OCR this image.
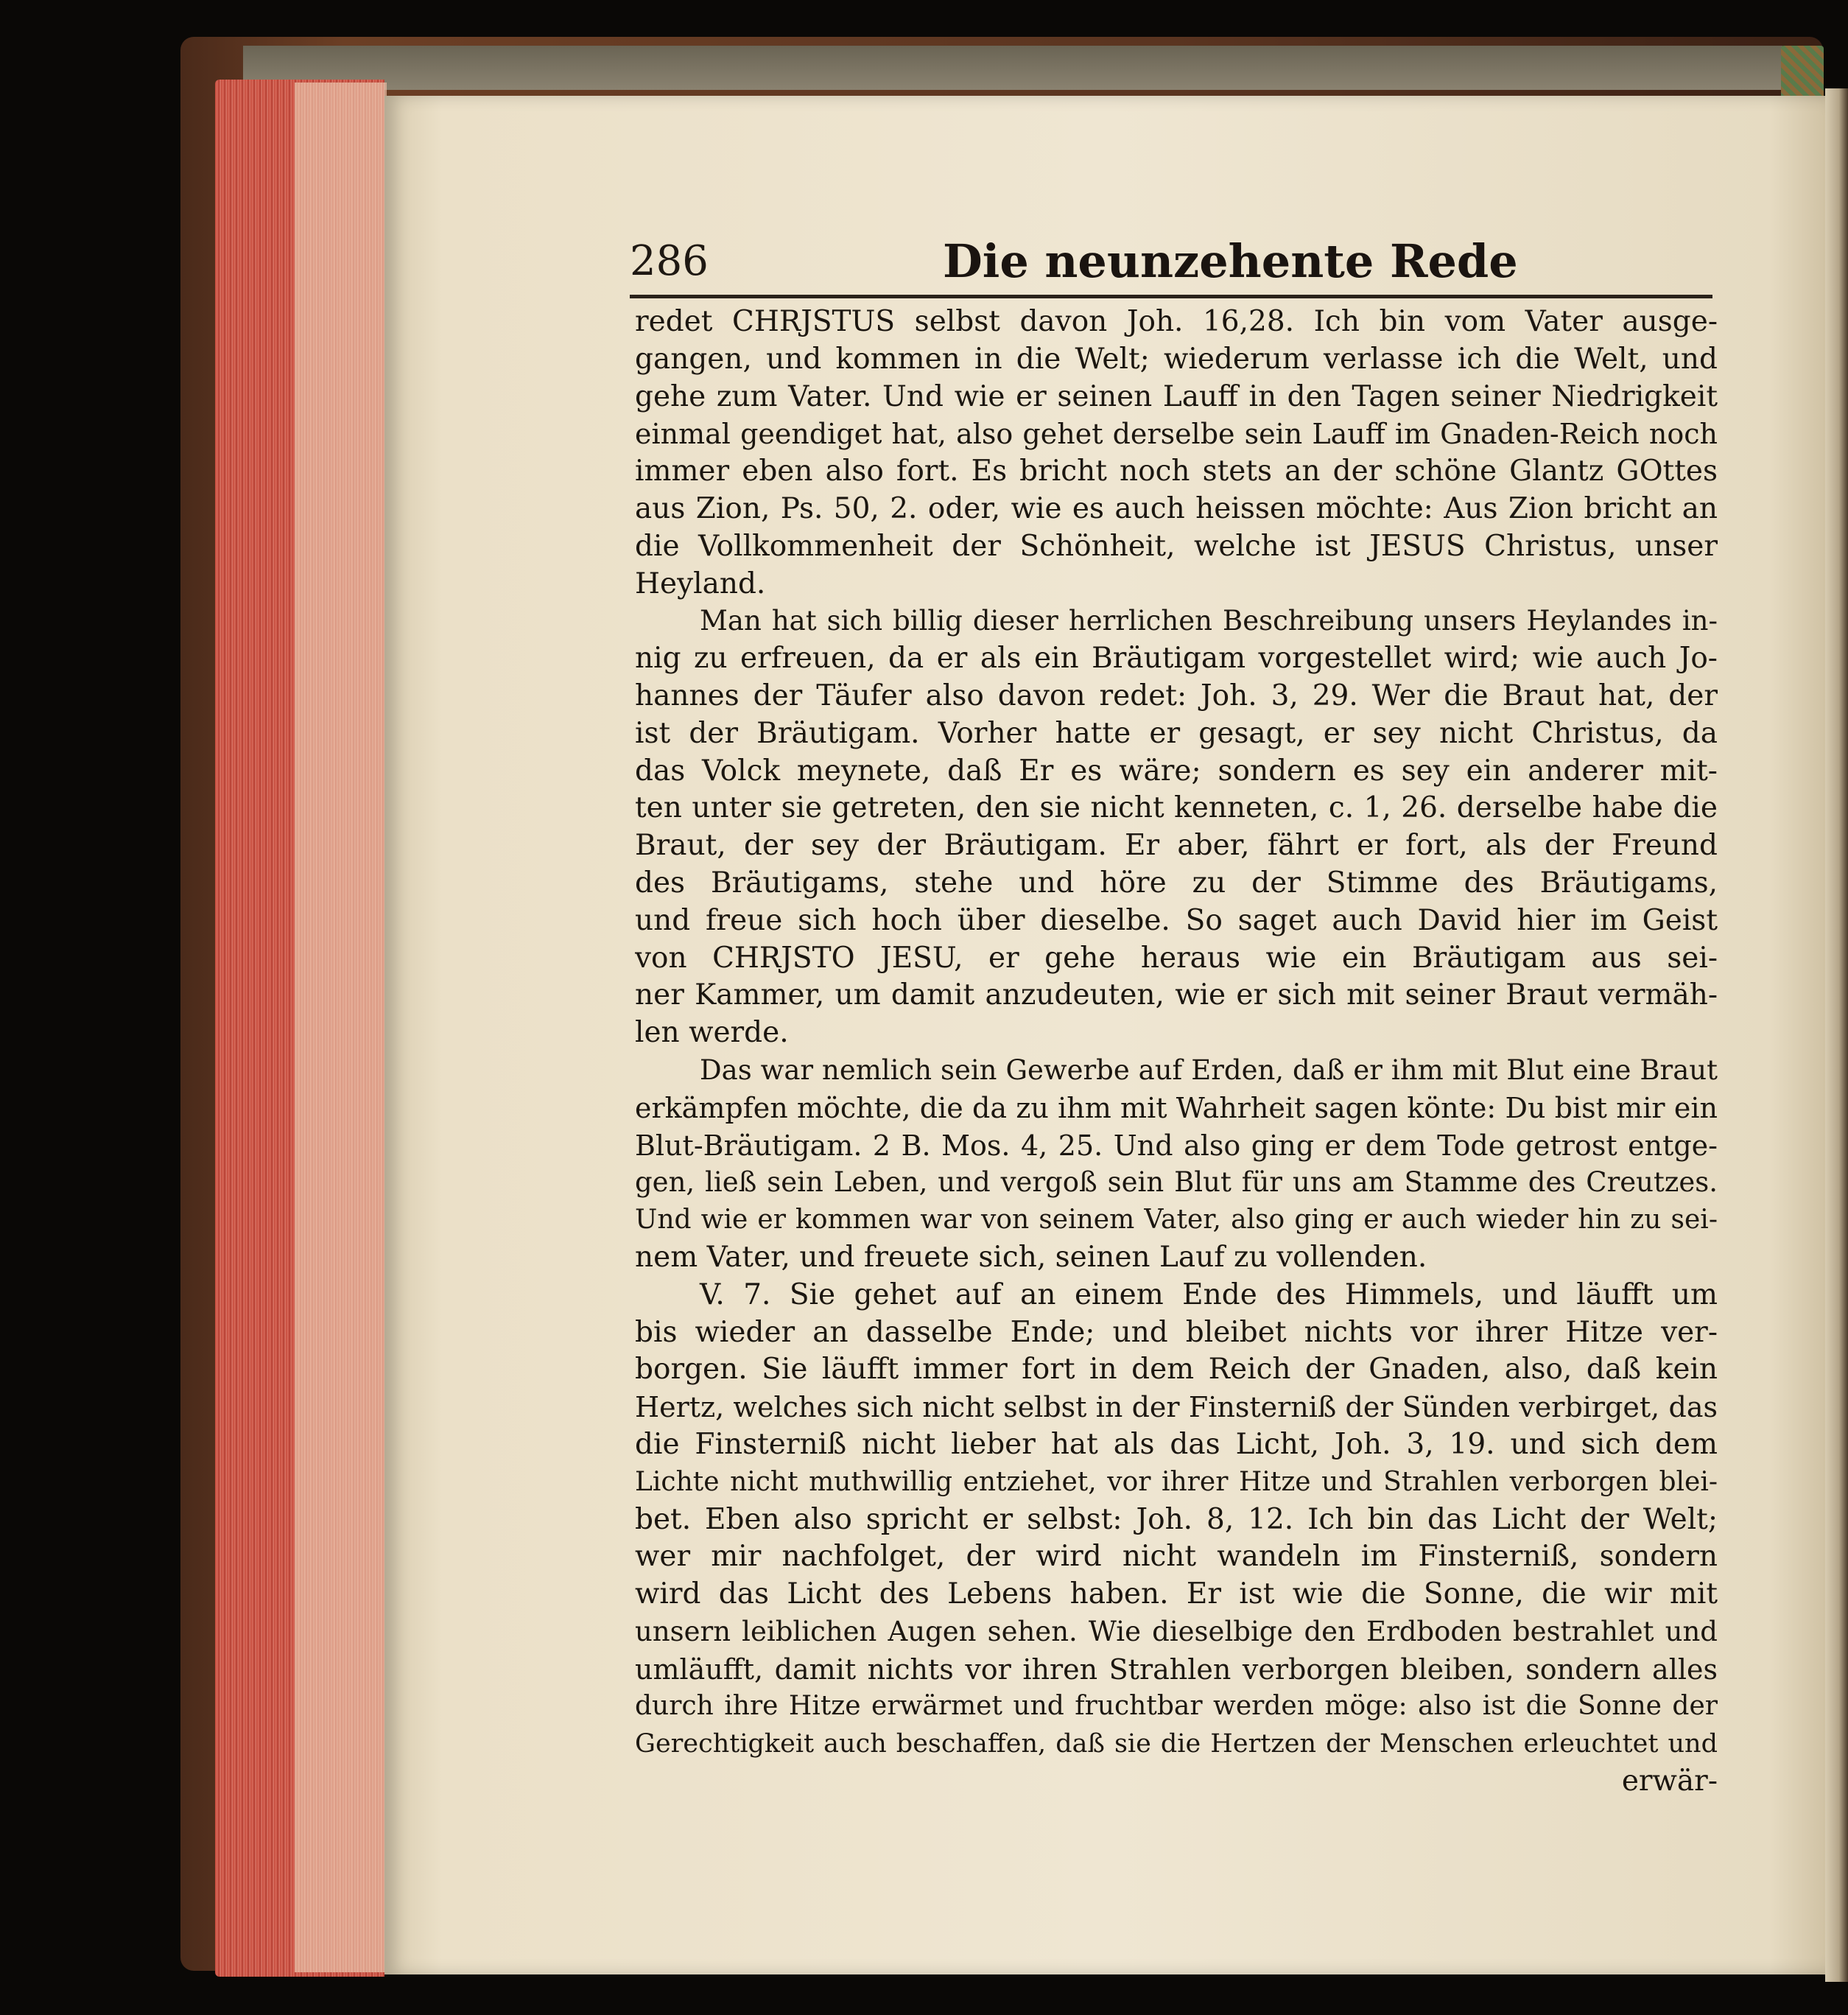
286	Die neunzehente Rede
redet CHRJSTUS selbst davon Joh. 16,28. Ich bin vom Vater ausge-
gangen, und kommen in die Welt; wiederum verlasse ich die Welt, und
gehe zum Vater. Und wie er seinen Lauff in den Tagen seiner Niedrigkeit
einmal geendiget hat, also gehet derselbe sein Lauff im Gnaden-Reich noch
immer eben also fort. Es bricht noch stets an der schöne Glantz GOttes
aus Zion, Ps. 50, 2. oder, wie es auch heissen möchte: Aus Zion bricht an
die Vollkommenheit der Schönheit, welche ist JESUS Christus, unser
Heyland.
Man hat sich billig dieser herrlichen Beschreibung unsers Heylandes in-
nig zu erfreuen, da er als ein Bräutigam vorgestellet wird; wie auch Jo-
hannes der Täufer also davon redet: Joh. 3, 29. Wer die Braut hat, der
ist der Bräutigam. Vorher hatte er gesagt, er sey nicht Christus, da
das Volck meynete, daß Er es wäre; sondern es sey ein anderer mit-
ten unter sie getreten, den sie nicht kenneten, c. 1, 26. derselbe habe die
Braut, der sey der Bräutigam. Er aber, fährt er fort, als der Freund
des Bräutigams, stehe und höre zu der Stimme des Bräutigams,
und freue sich hoch über dieselbe. So saget auch David hier im Geist
von CHRJSTO JESU, er gehe heraus wie ein Bräutigam aus sei-
ner Kammer, um damit anzudeuten, wie er sich mit seiner Braut vermäh-
len werde.
Das war nemlich sein Gewerbe auf Erden, daß er ihm mit Blut eine Braut
erkämpfen möchte, die da zu ihm mit Wahrheit sagen könte: Du bist mir ein
Blut-Bräutigam. 2 B. Mos. 4, 25. Und also ging er dem Tode getrost entge-
gen, ließ sein Leben, und vergoß sein Blut für uns am Stamme des Creutzes.
Und wie er kommen war von seinem Vater, also ging er auch wieder hin zu sei-
nem Vater, und freuete sich, seinen Lauf zu vollenden.
V. 7. Sie gehet auf an einem Ende des Himmels, und läufft um
bis wieder an dasselbe Ende; und bleibet nichts vor ihrer Hitze ver-
borgen. Sie läufft immer fort in dem Reich der Gnaden, also, daß kein
Hertz, welches sich nicht selbst in der Finsterniß der Sünden verbirget, das
die Finsterniß nicht lieber hat als das Licht, Joh. 3, 19. und sich dem
Lichte nicht muthwillig entziehet, vor ihrer Hitze und Strahlen verborgen blei-
bet. Eben also spricht er selbst: Joh. 8, 12. Ich bin das Licht der Welt;
wer mir nachfolget, der wird nicht wandeln im Finsterniß, sondern
wird das Licht des Lebens haben. Er ist wie die Sonne, die wir mit
unsern leiblichen Augen sehen. Wie dieselbige den Erdboden bestrahlet und
umläufft, damit nichts vor ihren Strahlen verborgen bleiben, sondern alles
durch ihre Hitze erwärmet und fruchtbar werden möge: also ist die Sonne der
Gerechtigkeit auch beschaffen, daß sie die Hertzen der Menschen erleuchtet und
erwär-
